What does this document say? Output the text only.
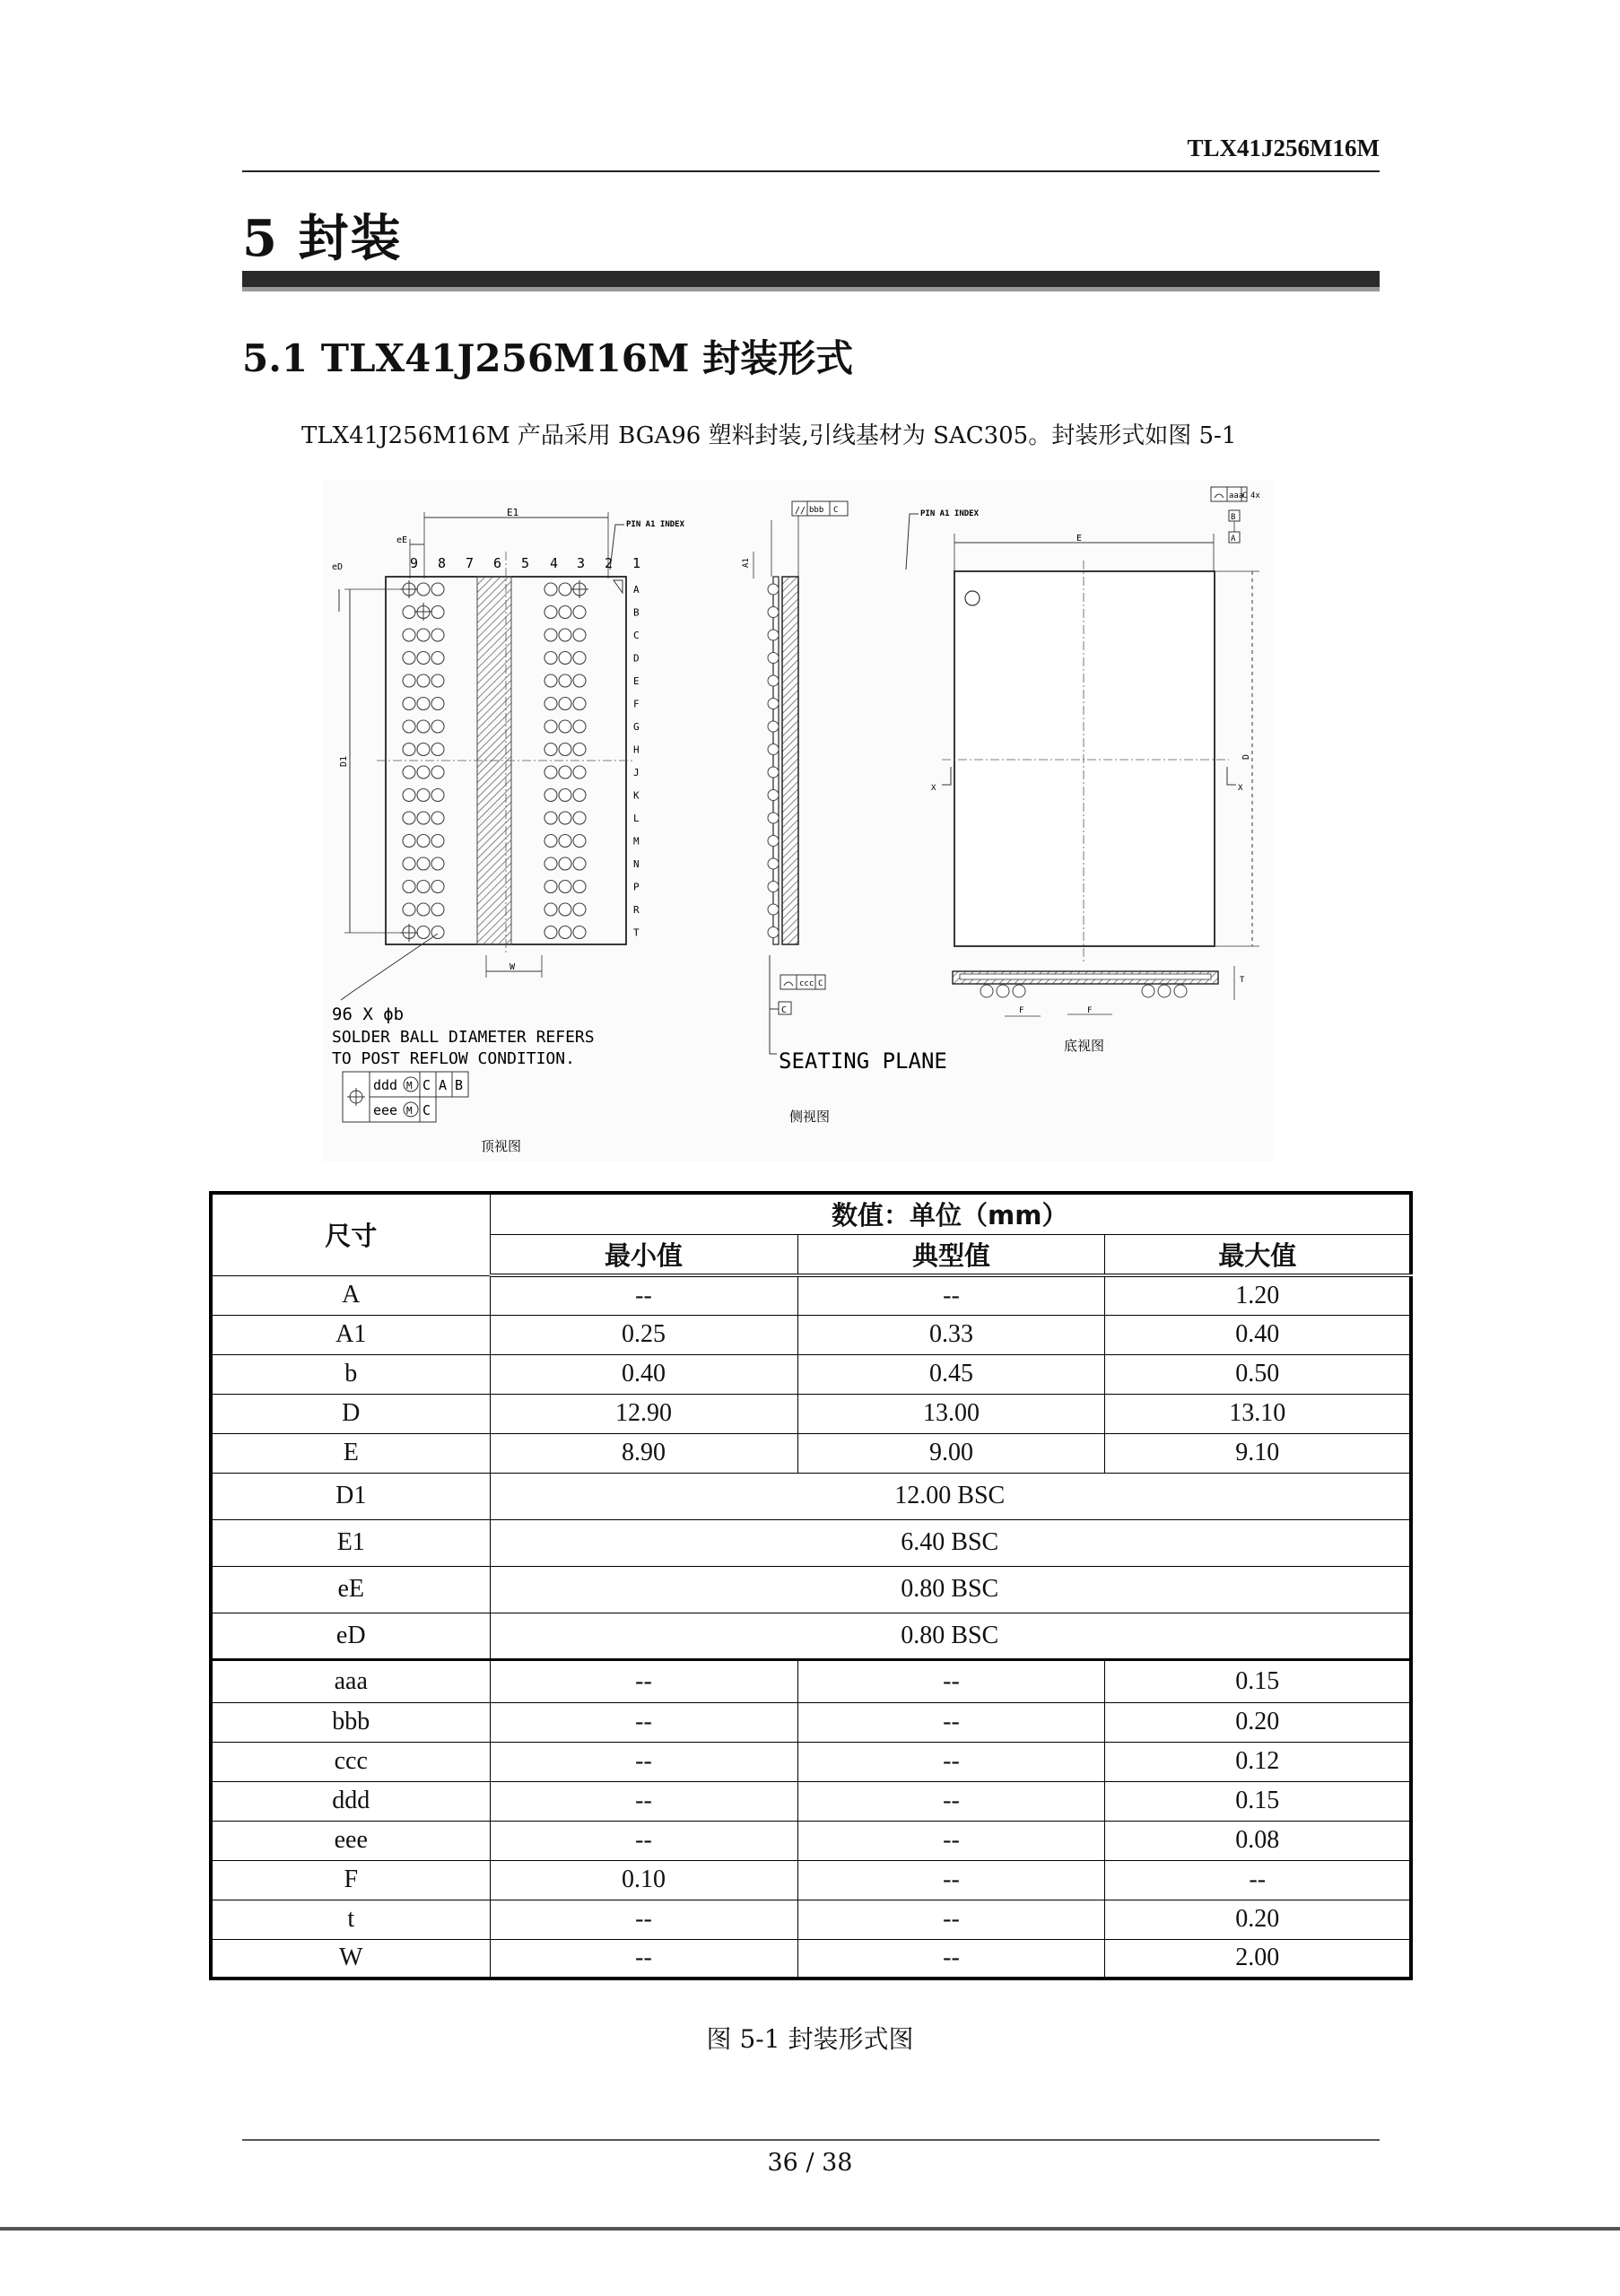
TLX41J256M16M
5 封装
5.1 TLX41J256M16M 封装形式
TLX41J256M16M 产品采用 BGA96 塑料封装,引线基材为 SAC305。封装形式如图 5-1
E1
eE
PIN A1 INDEX
9 8 7 6 5 4 3 2 1
A
B
C
D
E
F
G
H
J
K
L
M
N
P
R
T
D1
eD
W
96 X ϕb
SOLDER BALL DIAMETER REFERS
TO POST REFLOW CONDITION.
ddd M C A B
eee M C
顶视图
// bbb C
A1
ccc C
C
SEATING PLANE
侧视图
PIN A1 INDEX
E
aaa
C 4x
B
A
D
X	X
T
F	F
底视图
尺寸	数值：单位（mm）		
	最小值	典型值	最大值
A	--	--	1.20
A1	0.25	0.33	0.40
b	0.40	0.45	0.50
D	12.90	13.00	13.10
E	8.90	9.00	9.10
D1	12.00 BSC		
E1	6.40 BSC		
eE	0.80 BSC		
eD	0.80 BSC		
aaa	--	--	0.15
bbb	--	--	0.20
ccc	--	--	0.12
ddd	--	--	0.15
eee	--	--	0.08
F	0.10	--	--
t	--	--	0.20
W	--	--	2.00
图 5-1 封装形式图
36 / 38
